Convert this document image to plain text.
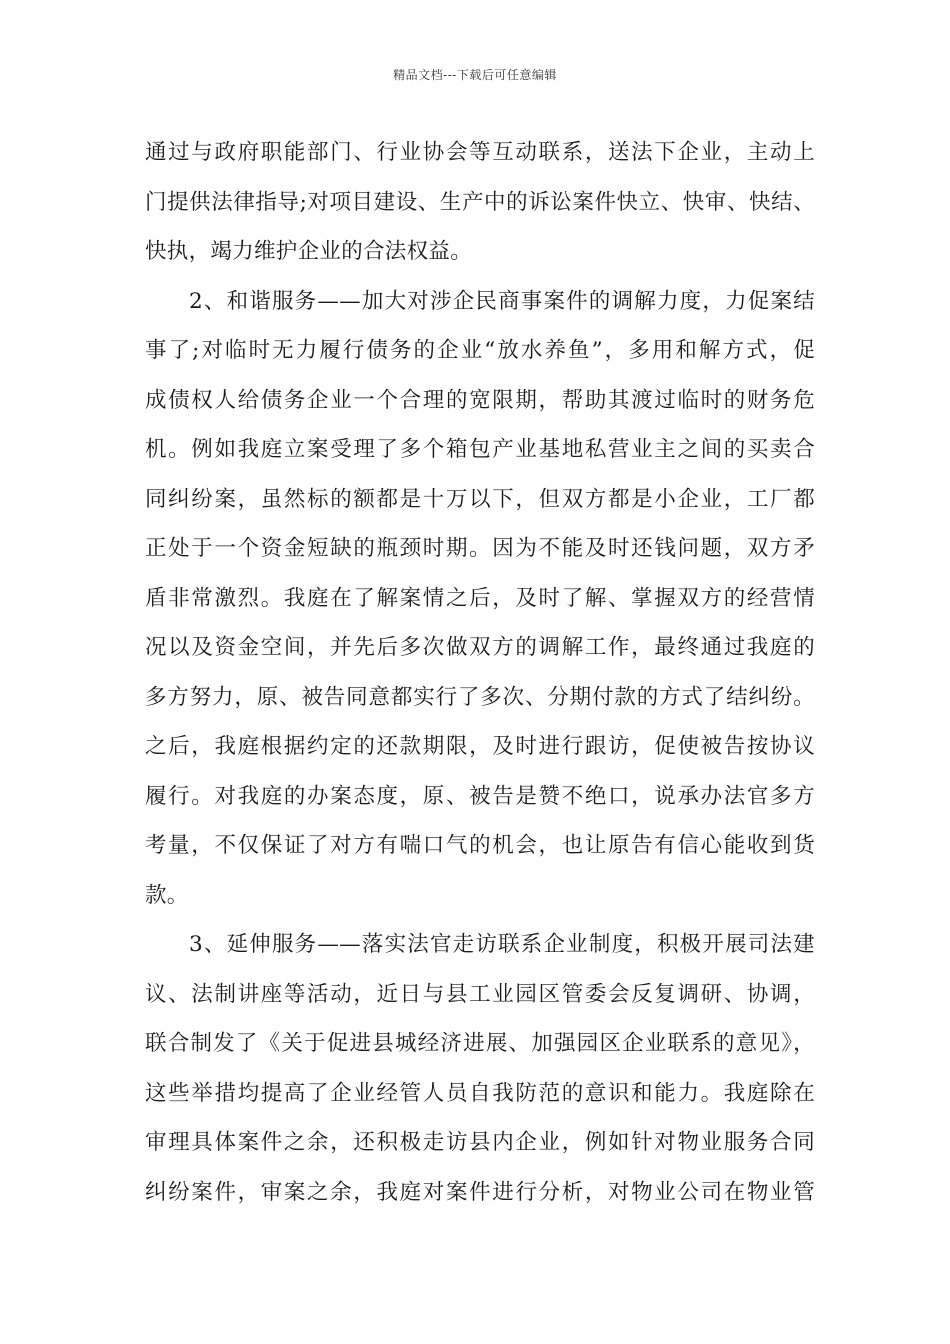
精品文档---下载后可任意编辑
通过与政府职能部门、行业协会等互动联系，送法下企业，主动上
门提供法律指导;对项目建设、生产中的诉讼案件快立、快审、快结、
快执，竭力维护企业的合法权益。
2、和谐服务——加大对涉企民商事案件的调解力度，力促案结
事了;对临时无力履行债务的企业“放水养鱼”，多用和解方式，促
成债权人给债务企业一个合理的宽限期，帮助其渡过临时的财务危
机。例如我庭立案受理了多个箱包产业基地私营业主之间的买卖合
同纠纷案，虽然标的额都是十万以下，但双方都是小企业，工厂都
正处于一个资金短缺的瓶颈时期。因为不能及时还钱问题，双方矛
盾非常激烈。我庭在了解案情之后，及时了解、掌握双方的经营情
况以及资金空间，并先后多次做双方的调解工作，最终通过我庭的
多方努力，原、被告同意都实行了多次、分期付款的方式了结纠纷。
之后，我庭根据约定的还款期限，及时进行跟访，促使被告按协议
履行。对我庭的办案态度，原、被告是赞不绝口，说承办法官多方
考量，不仅保证了对方有喘口气的机会，也让原告有信心能收到货
款。
3、延伸服务——落实法官走访联系企业制度，积极开展司法建
议、法制讲座等活动，近日与县工业园区管委会反复调研、协调，
联合制发了《关于促进县城经济进展、加强园区企业联系的意见》，
这些举措均提高了企业经管人员自我防范的意识和能力。我庭除在
审理具体案件之余，还积极走访县内企业，例如针对物业服务合同
纠纷案件，审案之余，我庭对案件进行分析，对物业公司在物业管
